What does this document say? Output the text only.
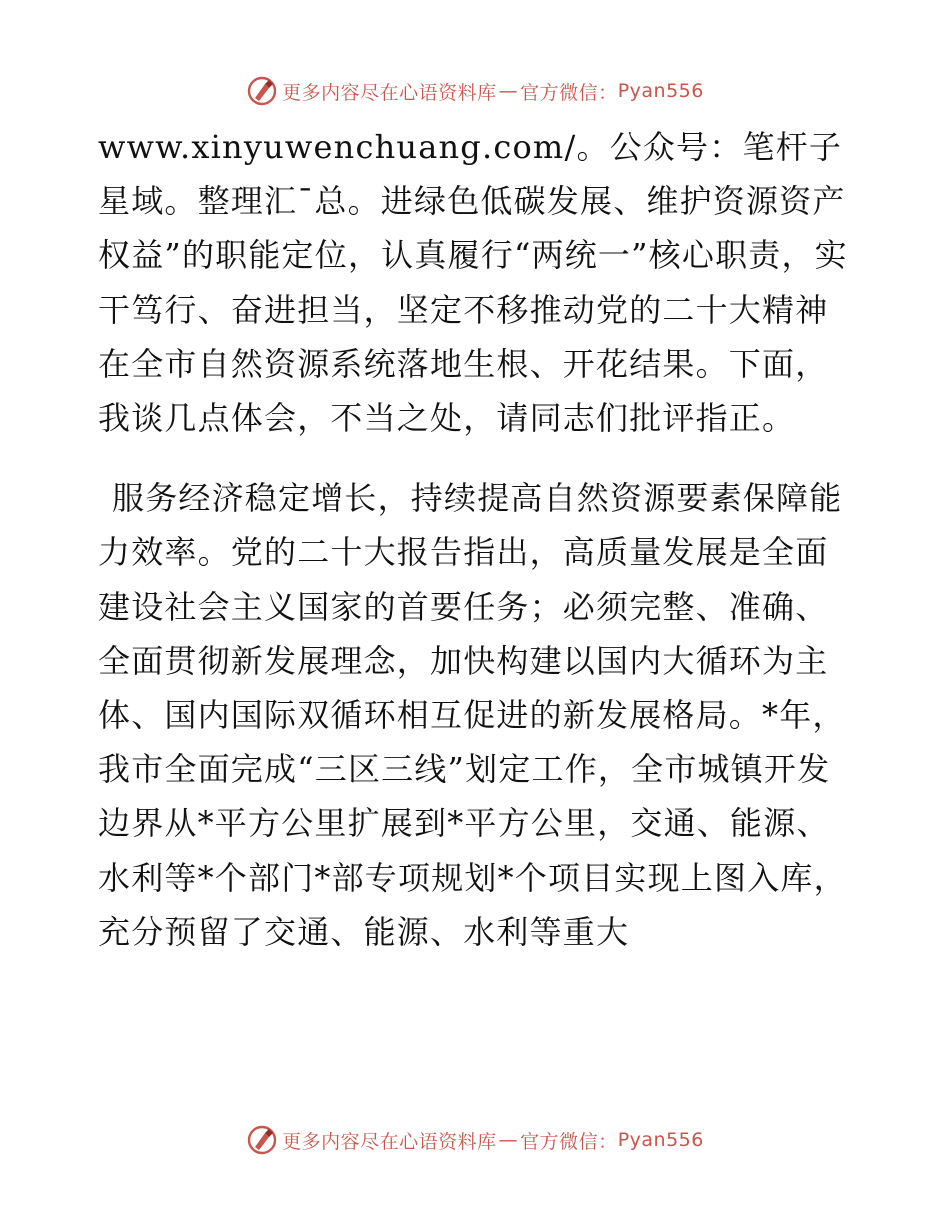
更多内容尽在心语资料库 — 官方微信： Pyan556

www.xinyuwenchuang.com/。公众号：笔杆子星域。整理汇¯总。进绿色低碳发展、维护资源资产权益”的职能定位，认真履行“两统一”核心职责，实干笃行、奋进担当，坚定不移推动党的二十大精神在全市自然资源系统落地生根、开花结果。下面，我谈几点体会，不当之处，请同志们批评指正。

服务经济稳定增长，持续提高自然资源要素保障能力效率。党的二十大报告指出，高质量发展是全面建设社会主义国家的首要任务；必须完整、准确、全面贯彻新发展理念，加快构建以国内大循环为主体、国内国际双循环相互促进的新发展格局。*年，我市全面完成“三区三线”划定工作，全市城镇开发边界从*平方公里扩展到*平方公里，交通、能源、水利等*个部门*部专项规划*个项目实现上图入库，充分预留了交通、能源、水利等重大

更多内容尽在心语资料库 — 官方微信： Pyan556
